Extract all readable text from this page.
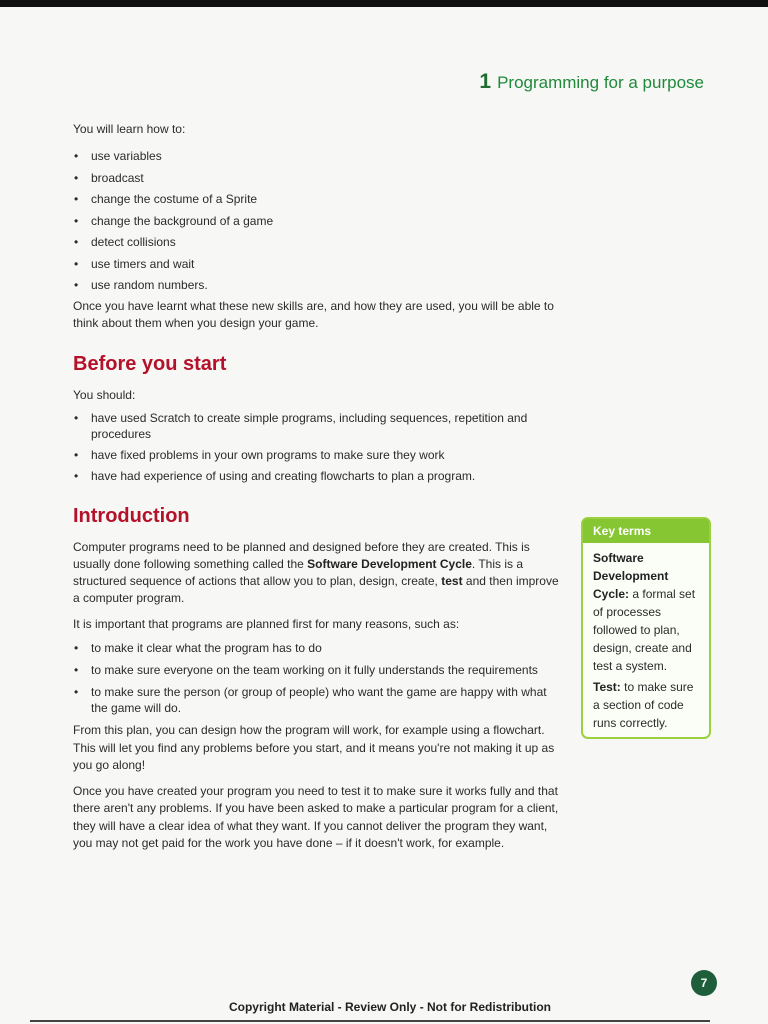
1 Programming for a purpose

You will learn how to:

• use variables
• broadcast
• change the costume of a Sprite
• change the background of a game
• detect collisions
• use timers and wait
• use random numbers.

Once you have learnt what these new skills are, and how they are used, you will be able to think about them when you design your game.

Before you start

You should:

• have used Scratch to create simple programs, including sequences, repetition and procedures
• have fixed problems in your own programs to make sure they work
• have had experience of using and creating flowcharts to plan a program.
Introduction

Computer programs need to be planned and designed before they are created. This is usually done following something called the Software Development Cycle. This is a structured sequence of actions that allow you to plan, design, create, test and then improve a computer program.

It is important that programs are planned first for many reasons, such as:

• to make it clear what the program has to do
• to make sure everyone on the team working on it fully understands the requirements
• to make sure the person (or group of people) who want the game are happy with what the game will do.

From this plan, you can design how the program will work, for example using a flowchart. This will let you find any problems before you start, and it means you're not making it up as you go along!

Once you have created your program you need to test it to make sure it works fully and that there aren't any problems. If you have been asked to make a particular program for a client, they will have a clear idea of what they want. If you cannot deliver the program they want, you may not get paid for the work you have done – if it doesn't work, for example.

Key terms

Software Development Cycle: a formal set of processes followed to plan, design, create and test a system.

Test: to make sure a section of code runs correctly.

7
Copyright Material - Review Only - Not for Redistribution
